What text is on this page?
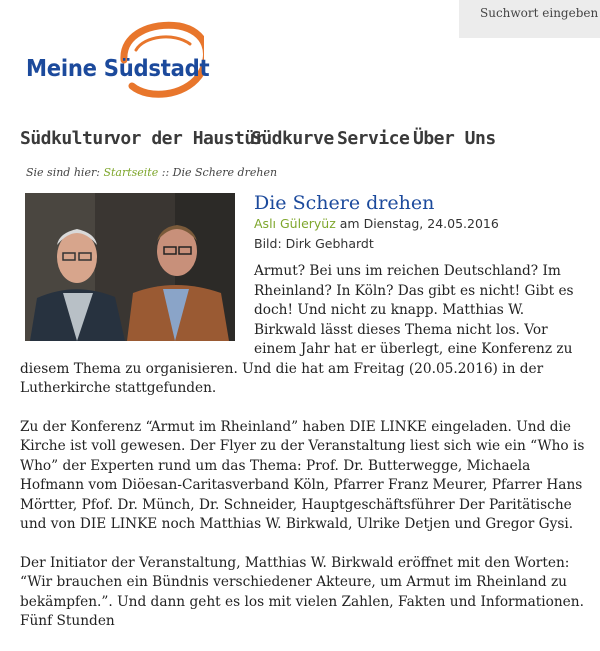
Suchwort eingeben
Meine Südstadt
Südkultur
vor der Haustür
Südkurve Service Über Uns
Sie sind hier: Startseite :: Die Schere drehen
Die Schere drehen
Aslı Güleryüz am Dienstag, 24.05.2016
Bild: Dirk Gebhardt

Armut? Bei uns im reichen Deutschland? Im Rheinland? In Köln? Das gibt es nicht! Gibt es doch! Und nicht zu knapp. Matthias W. Birkwald lässt dieses Thema nicht los. Vor einem Jahr hat er überlegt, eine Konferenz zu diesem Thema zu organisieren. Und die hat am Freitag (20.05.2016) in der Lutherkirche stattgefunden.

Zu der Konferenz “Armut im Rheinland” haben DIE LINKE eingeladen. Und die Kirche ist voll gewesen. Der Flyer zu der Veranstaltung liest sich wie ein “Who is Who” der Experten rund um das Thema: Prof. Dr. Butterwegge, Michaela Hofmann vom Diöesan-Caritasverband Köln, Pfarrer Franz Meurer, Pfarrer Hans Mörtter, Pfof. Dr. Münch, Dr. Schneider, Hauptgeschäftsführer Der Paritätische und von DIE LINKE noch Matthias W. Birkwald, Ulrike Detjen und Gregor Gysi.

Der Initiator der Veranstaltung, Matthias W. Birkwald eröffnet mit den Worten: “Wir brauchen ein Bündnis verschiedener Akteure, um Armut im Rheinland zu bekämpfen.”. Und dann geht es los mit vielen Zahlen, Fakten und Informationen. Fünf Stunden
